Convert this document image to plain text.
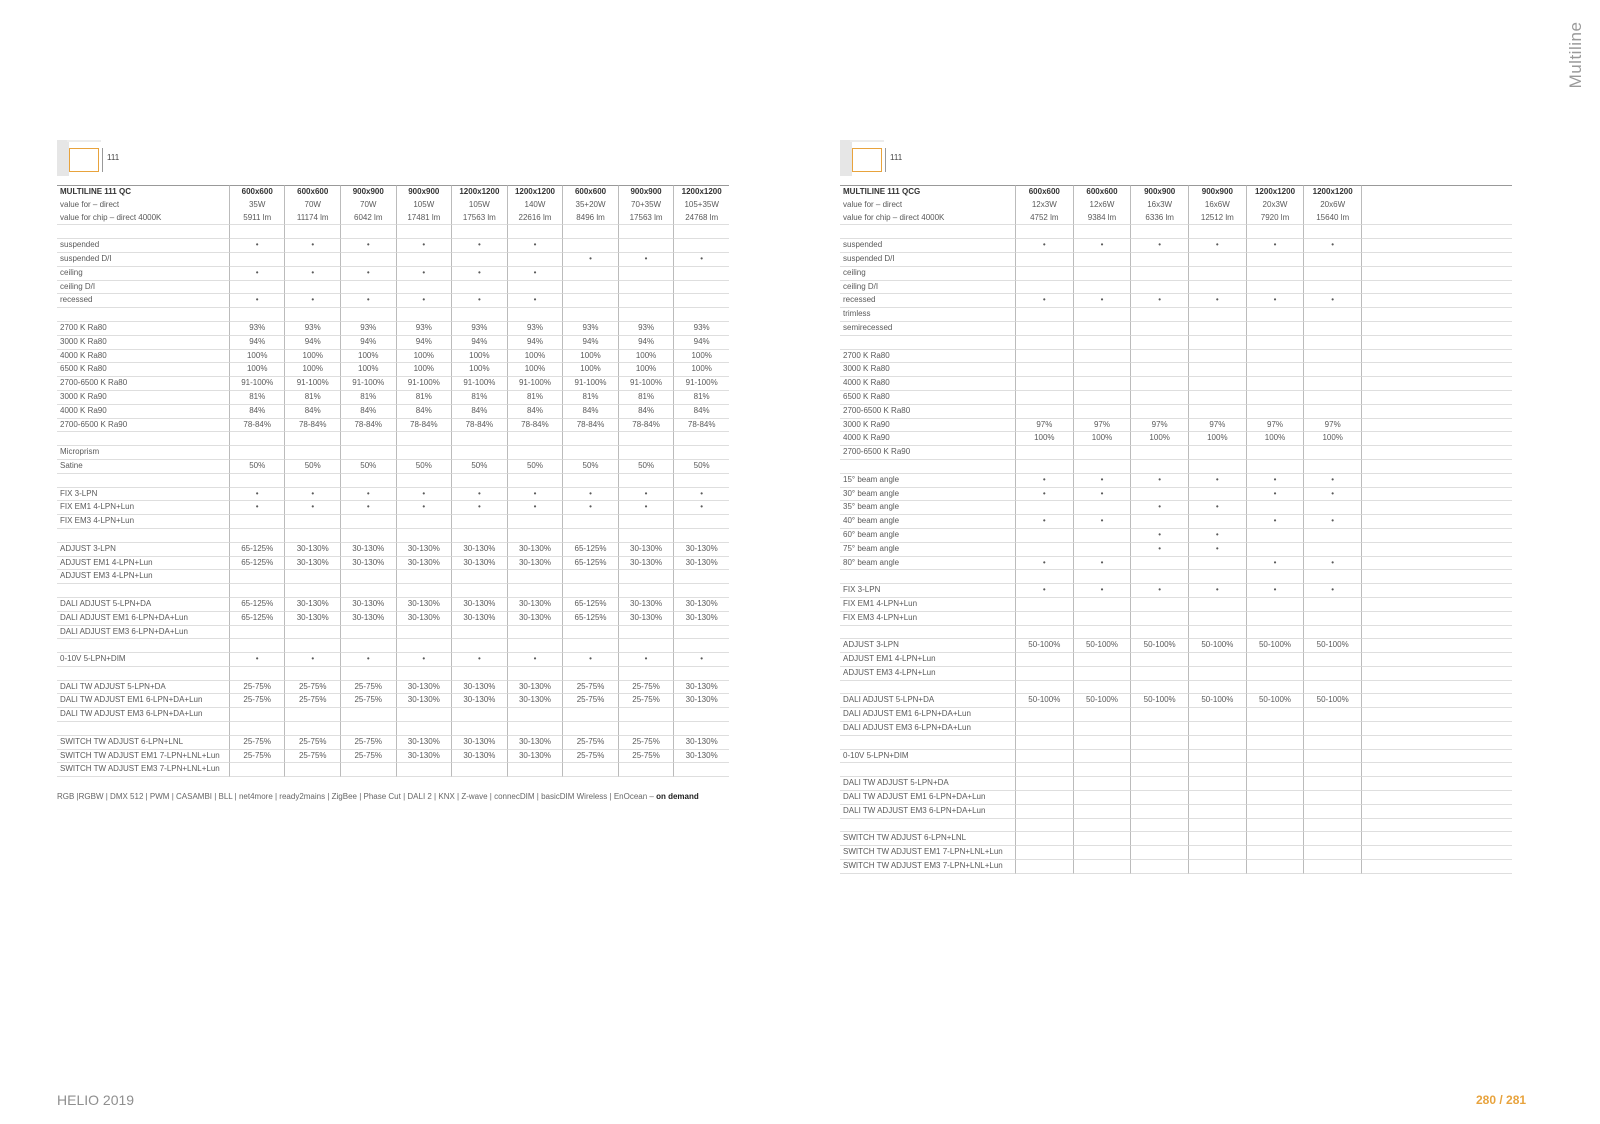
Multiline
111
MULTILINE 111 QC	600x600	600x600	900x900	900x900	1200x1200	1200x1200	600x600	900x900	1200x1200
value for – direct	35W	70W	70W	105W	105W	140W	35+20W	70+35W	105+35W
value for chip – direct 4000K	5911 lm	11174 lm	6042 lm	17481 lm	17563 lm	22616 lm	8496 lm	17563 lm	24768 lm

suspended	•	•	•	•	•	•			
suspended D/I							•	•	•
ceiling	•	•	•	•	•	•			
ceiling D/I									
recessed	•	•	•	•	•	•			

2700 K Ra80	93%	93%	93%	93%	93%	93%	93%	93%	93%
3000 K Ra80	94%	94%	94%	94%	94%	94%	94%	94%	94%
4000 K Ra80	100%	100%	100%	100%	100%	100%	100%	100%	100%
6500 K Ra80	100%	100%	100%	100%	100%	100%	100%	100%	100%
2700-6500 K Ra80	91-100%	91-100%	91-100%	91-100%	91-100%	91-100%	91-100%	91-100%	91-100%
3000 K Ra90	81%	81%	81%	81%	81%	81%	81%	81%	81%
4000 K Ra90	84%	84%	84%	84%	84%	84%	84%	84%	84%
2700-6500 K Ra90	78-84%	78-84%	78-84%	78-84%	78-84%	78-84%	78-84%	78-84%	78-84%

Microprism									
Satine	50%	50%	50%	50%	50%	50%	50%	50%	50%

FIX 3-LPN	•	•	•	•	•	•	•	•	•
FIX EM1 4-LPN+Lun	•	•	•	•	•	•	•	•	•
FIX EM3 4-LPN+Lun									

ADJUST 3-LPN	65-125%	30-130%	30-130%	30-130%	30-130%	30-130%	65-125%	30-130%	30-130%
ADJUST EM1 4-LPN+Lun	65-125%	30-130%	30-130%	30-130%	30-130%	30-130%	65-125%	30-130%	30-130%
ADJUST EM3 4-LPN+Lun									

DALI ADJUST 5-LPN+DA	65-125%	30-130%	30-130%	30-130%	30-130%	30-130%	65-125%	30-130%	30-130%
DALI ADJUST EM1 6-LPN+DA+Lun	65-125%	30-130%	30-130%	30-130%	30-130%	30-130%	65-125%	30-130%	30-130%
DALI ADJUST EM3 6-LPN+DA+Lun									

0-10V 5-LPN+DIM	•	•	•	•	•	•	•	•	•

DALI TW ADJUST 5-LPN+DA	25-75%	25-75%	25-75%	30-130%	30-130%	30-130%	25-75%	25-75%	30-130%
DALI TW ADJUST EM1 6-LPN+DA+Lun	25-75%	25-75%	25-75%	30-130%	30-130%	30-130%	25-75%	25-75%	30-130%
DALI TW ADJUST EM3 6-LPN+DA+Lun									

SWITCH TW ADJUST 6-LPN+LNL	25-75%	25-75%	25-75%	30-130%	30-130%	30-130%	25-75%	25-75%	30-130%
SWITCH TW ADJUST EM1 7-LPN+LNL+Lun	25-75%	25-75%	25-75%	30-130%	30-130%	30-130%	25-75%	25-75%	30-130%
SWITCH TW ADJUST EM3 7-LPN+LNL+Lun									
RGB |RGBW | DMX 512 | PWM | CASAMBI | BLL | net4more | ready2mains | ZigBee | Phase Cut | DALI 2 | KNX | Z-wave | connecDIM | basicDIM Wireless | EnOcean – on demand
111
MULTILINE 111 QCG	600x600	600x600	900x900	900x900	1200x1200	1200x1200	
value for – direct	12x3W	12x6W	16x3W	16x6W	20x3W	20x6W	
value for chip – direct 4000K	4752 lm	9384 lm	6336 lm	12512 lm	7920 lm	15640 lm	

suspended	•	•	•	•	•	•	
suspended D/I							
ceiling							
ceiling D/I							
recessed	•	•	•	•	•	•	
trimless							
semirecessed							

2700 K Ra80							
3000 K Ra80							
4000 K Ra80							
6500 K Ra80							
2700-6500 K Ra80							
3000 K Ra90	97%	97%	97%	97%	97%	97%	
4000 K Ra90	100%	100%	100%	100%	100%	100%	
2700-6500 K Ra90							

15° beam angle	•	•	•	•	•	•	
30° beam angle	•	•			•	•	
35° beam angle			•	•			
40° beam angle	•	•			•	•	
60° beam angle			•	•			
75° beam angle			•	•			
80° beam angle	•	•			•	•	

FIX 3-LPN	•	•	•	•	•	•	
FIX EM1 4-LPN+Lun							
FIX EM3 4-LPN+Lun							

ADJUST 3-LPN	50-100%	50-100%	50-100%	50-100%	50-100%	50-100%	
ADJUST EM1 4-LPN+Lun							
ADJUST EM3 4-LPN+Lun							

DALI ADJUST 5-LPN+DA	50-100%	50-100%	50-100%	50-100%	50-100%	50-100%	
DALI ADJUST EM1 6-LPN+DA+Lun							
DALI ADJUST EM3 6-LPN+DA+Lun							

0-10V 5-LPN+DIM							

DALI TW ADJUST 5-LPN+DA							
DALI TW ADJUST EM1 6-LPN+DA+Lun							
DALI TW ADJUST EM3 6-LPN+DA+Lun							

SWITCH TW ADJUST 6-LPN+LNL							
SWITCH TW ADJUST EM1 7-LPN+LNL+Lun							
SWITCH TW ADJUST EM3 7-LPN+LNL+Lun							
HELIO 2019	280 / 281
